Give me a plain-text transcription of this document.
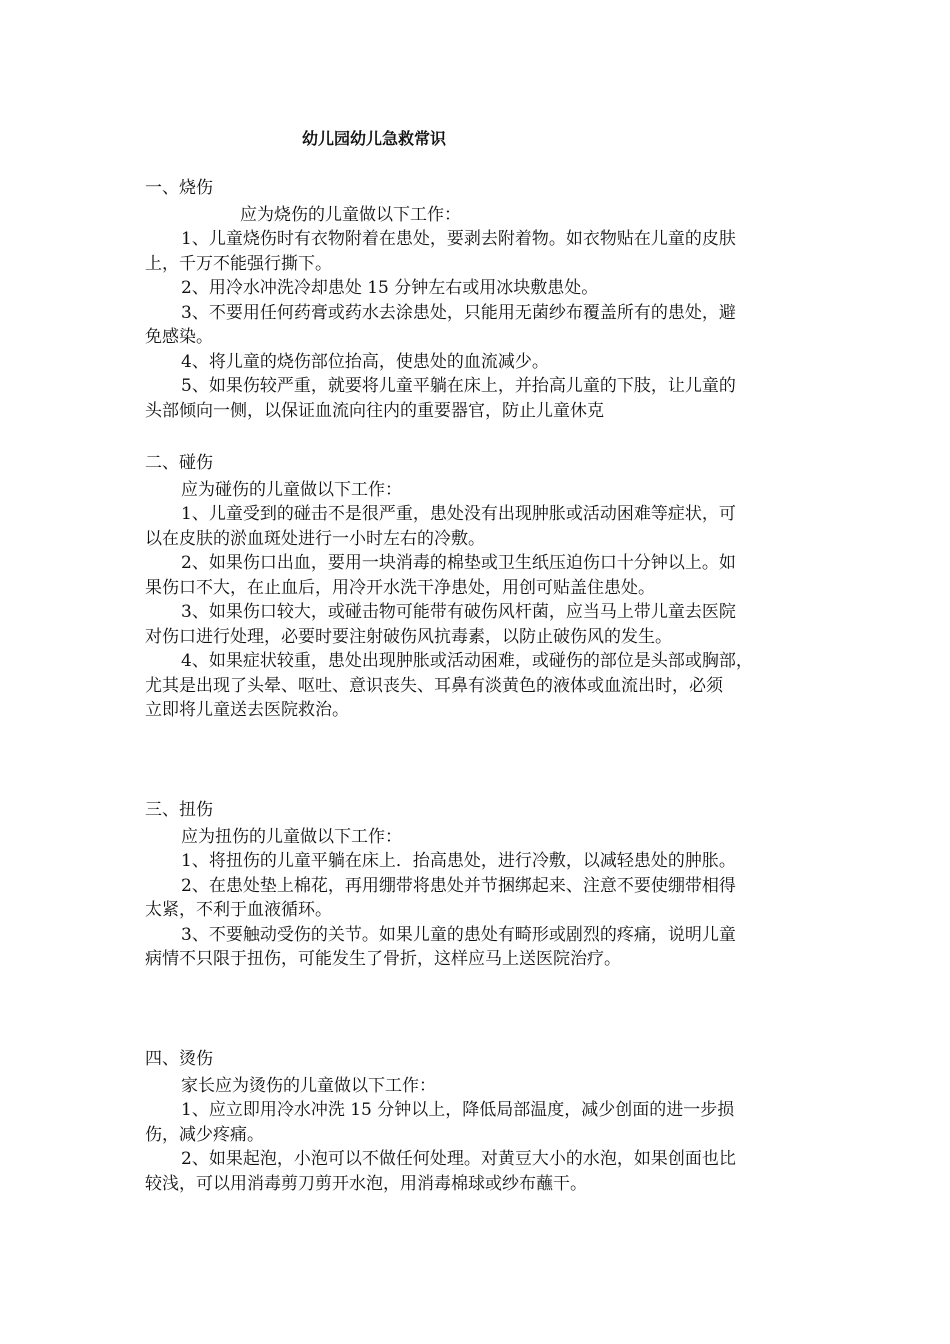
幼儿园幼儿急救常识

一、烧伤

应为烧伤的儿童做以下工作：

1、儿童烧伤时有衣物附着在患处，要剥去附着物。如衣物贴在儿童的皮肤

上，千万不能强行撕下。

2、用冷水冲洗冷却患处 15 分钟左右或用冰块敷患处。

3、不要用任何药膏或药水去涂患处，只能用无菌纱布覆盖所有的患处，避

免感染。

4、将儿童的烧伤部位抬高，使患处的血流减少。

5、如果伤较严重，就要将儿童平躺在床上，并抬高儿童的下肢，让儿童的

头部倾向一侧，以保证血流向往内的重要器官，防止儿童休克

二、碰伤

应为碰伤的儿童做以下工作：

1、儿童受到的碰击不是很严重，患处没有出现肿胀或活动困难等症状，可

以在皮肤的淤血斑处进行一小时左右的冷敷。

2、如果伤口出血，要用一块消毒的棉垫或卫生纸压迫伤口十分钟以上。如

果伤口不大，在止血后，用冷开水洗干净患处，用创可贴盖住患处。

3、如果伤口较大，或碰击物可能带有破伤风杆菌，应当马上带儿童去医院

对伤口进行处理，必要时要注射破伤风抗毒素，以防止破伤风的发生。

4、如果症状较重，患处出现肿胀或活动困难，或碰伤的部位是头部或胸部，

尤其是出现了头晕、呕吐、意识丧失、耳鼻有淡黄色的液体或血流出时，必须

立即将儿童送去医院救治。

三、扭伤

应为扭伤的儿童做以下工作：

1、将扭伤的儿童平躺在床上．抬高患处，进行冷敷，以减轻患处的肿胀。

2、在患处垫上棉花，再用绷带将患处并节捆绑起来、注意不要使绷带相得

太紧，不利于血液循环。

3、不要触动受伤的关节。如果儿童的患处有畸形或剧烈的疼痛，说明儿童

病情不只限于扭伤，可能发生了骨折，这样应马上送医院治疗。

四、烫伤

家长应为烫伤的儿童做以下工作：

1、应立即用冷水冲洗 15 分钟以上，降低局部温度，减少创面的进一步损

伤，减少疼痛。

2、如果起泡，小泡可以不做任何处理。对黄豆大小的水泡，如果创面也比

较浅，可以用消毒剪刀剪开水泡，用消毒棉球或纱布蘸干。
